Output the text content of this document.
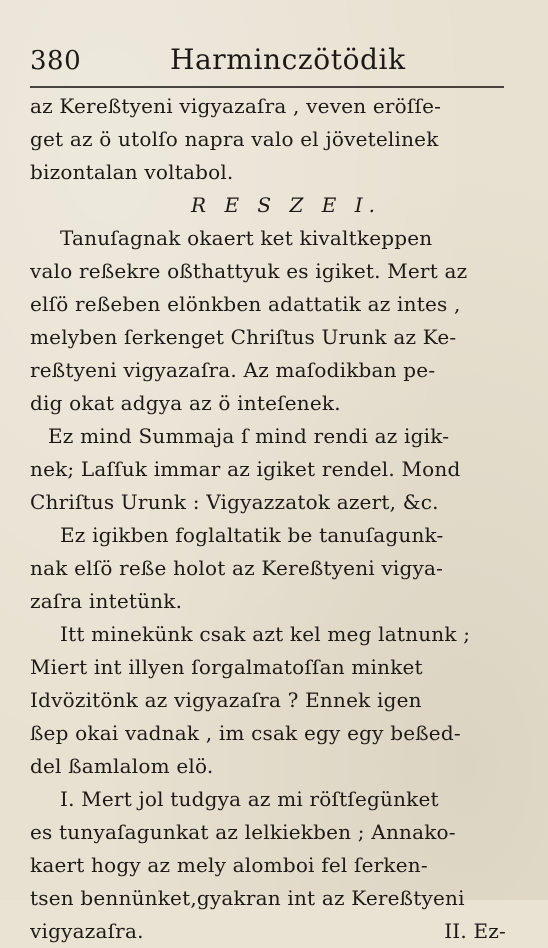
380	Harminczötödik
az Kereßtyeni vigyazaſra , veven eröſſe-
get az ö utolſo napra valo el jövetelinek
bizontalan voltabol.
R E S Z E I.
Tanuſagnak okaert ket kivaltkeppen
valo reßekre oßthattyuk es igiket. Mert az
elſö reßeben elönkben adattatik az intes ,
melyben ſerkenget Chriſtus Urunk az Ke-
reßtyeni vigyazaſra. Az maſodikban pe-
dig okat adgya az ö inteſenek.
Ez mind Summaja ſ mind rendi az igik-
nek; Laſſuk immar az igiket rendel. Mond
Chriſtus Urunk : Vigyazzatok azert, &c.
Ez igikben foglaltatik be tanuſagunk-
nak elſö reße holot az Kereßtyeni vigya-
zaſra intetünk.
Itt minekünk csak azt kel meg latnunk ;
Miert int illyen ſorgalmatoſſan minket
Idvözitönk az vigyazaſra ? Ennek igen
ßep okai vadnak , im csak egy egy beßed-
del ßamlalom elö.
I. Mert jol tudgya az mi röſtſegünket
es tunyaſagunkat az lelkiekben ; Annako-
kaert hogy az mely alomboi fel ſerken-
tsen bennünket,gyakran int az Kereßtyeni
vigyazaſra.	II. Ez-
